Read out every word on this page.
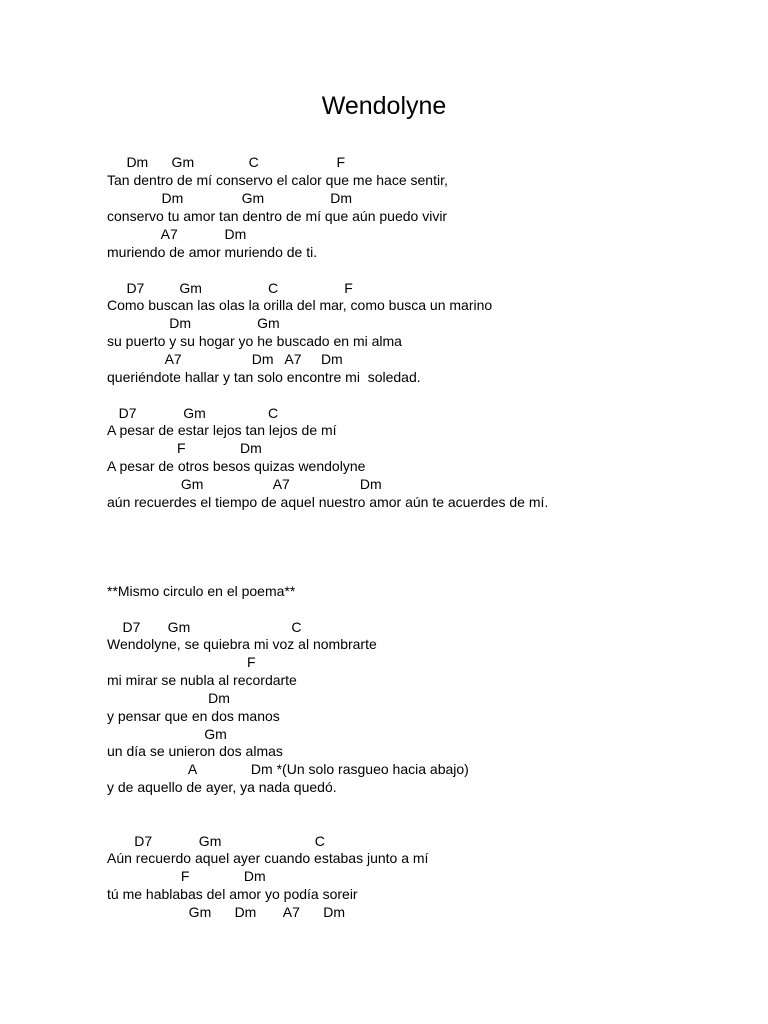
Wendolyne
Dm      Gm              C                    F
Tan dentro de mí conservo el calor que me hace sentir,
Dm               Gm                 Dm
conservo tu amor tan dentro de mí que aún puedo vivir
A7            Dm
muriendo de amor muriendo de ti.
D7         Gm                 C                 F
Como buscan las olas la orilla del mar, como busca un marino
Dm                 Gm
su puerto y su hogar yo he buscado en mi alma
A7                  Dm   A7     Dm
queriéndote hallar y tan solo encontre mi  soledad.
D7            Gm                C
A pesar de estar lejos tan lejos de mí
F              Dm
A pesar de otros besos quizas wendolyne
Gm                  A7                  Dm
aún recuerdes el tiempo de aquel nuestro amor aún te acuerdes de mí.
**Mismo circulo en el poema**
D7       Gm                          C
Wendolyne, se quiebra mi voz al nombrarte
F
mi mirar se nubla al recordarte
Dm
y pensar que en dos manos
Gm
un día se unieron dos almas
A              Dm *(Un solo rasgueo hacia abajo)
y de aquello de ayer, ya nada quedó.
D7            Gm                        C
Aún recuerdo aquel ayer cuando estabas junto a mí
F              Dm
tú me hablabas del amor yo podía soreir
Gm      Dm       A7      Dm
